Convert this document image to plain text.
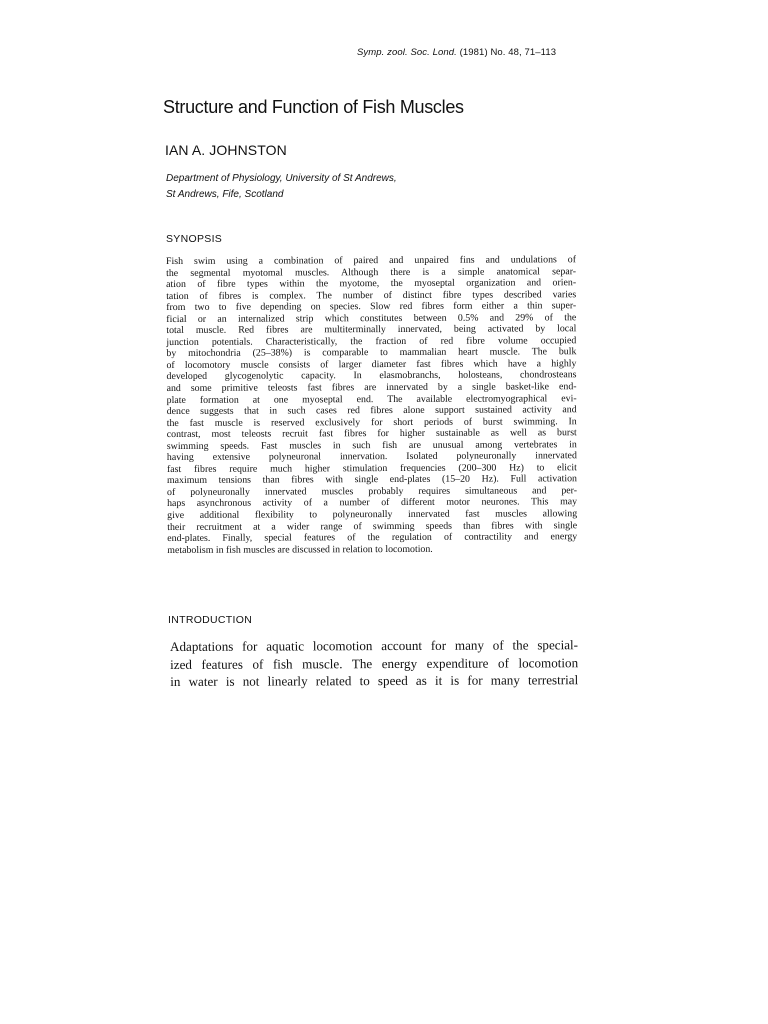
Symp. zool. Soc. Lond. (1981) No. 48, 71–113
Structure and Function of Fish Muscles
IAN A. JOHNSTON
Department of Physiology, University of St Andrews,
St Andrews, Fife, Scotland
SYNOPSIS
Fish swim using a combination of paired and unpaired fins and undulations of
the segmental myotomal muscles. Although there is a simple anatomical separ-
ation of fibre types within the myotome, the myoseptal organization and orien-
tation of fibres is complex. The number of distinct fibre types described varies
from two to five depending on species. Slow red fibres form either a thin super-
ficial or an internalized strip which constitutes between 0.5% and 29% of the
total muscle. Red fibres are multiterminally innervated, being activated by local
junction potentials. Characteristically, the fraction of red fibre volume occupied
by mitochondria (25–38%) is comparable to mammalian heart muscle. The bulk
of locomotory muscle consists of larger diameter fast fibres which have a highly
developed glycogenolytic capacity. In elasmobranchs, holosteans, chondrosteans
and some primitive teleosts fast fibres are innervated by a single basket-like end-
plate formation at one myoseptal end. The available electromyographical evi-
dence suggests that in such cases red fibres alone support sustained activity and
the fast muscle is reserved exclusively for short periods of burst swimming. In
contrast, most teleosts recruit fast fibres for higher sustainable as well as burst
swimming speeds. Fast muscles in such fish are unusual among vertebrates in
having extensive polyneuronal innervation. Isolated polyneuronally innervated
fast fibres require much higher stimulation frequencies (200–300 Hz) to elicit
maximum tensions than fibres with single end-plates (15–20 Hz). Full activation
of polyneuronally innervated muscles probably requires simultaneous and per-
haps asynchronous activity of a number of different motor neurones. This may
give additional flexibility to polyneuronally innervated fast muscles allowing
their recruitment at a wider range of swimming speeds than fibres with single
end-plates. Finally, special features of the regulation of contractility and energy
metabolism in fish muscles are discussed in relation to locomotion.
INTRODUCTION
Adaptations for aquatic locomotion account for many of the special-
ized features of fish muscle. The energy expenditure of locomotion
in water is not linearly related to speed as it is for many terrestrial
